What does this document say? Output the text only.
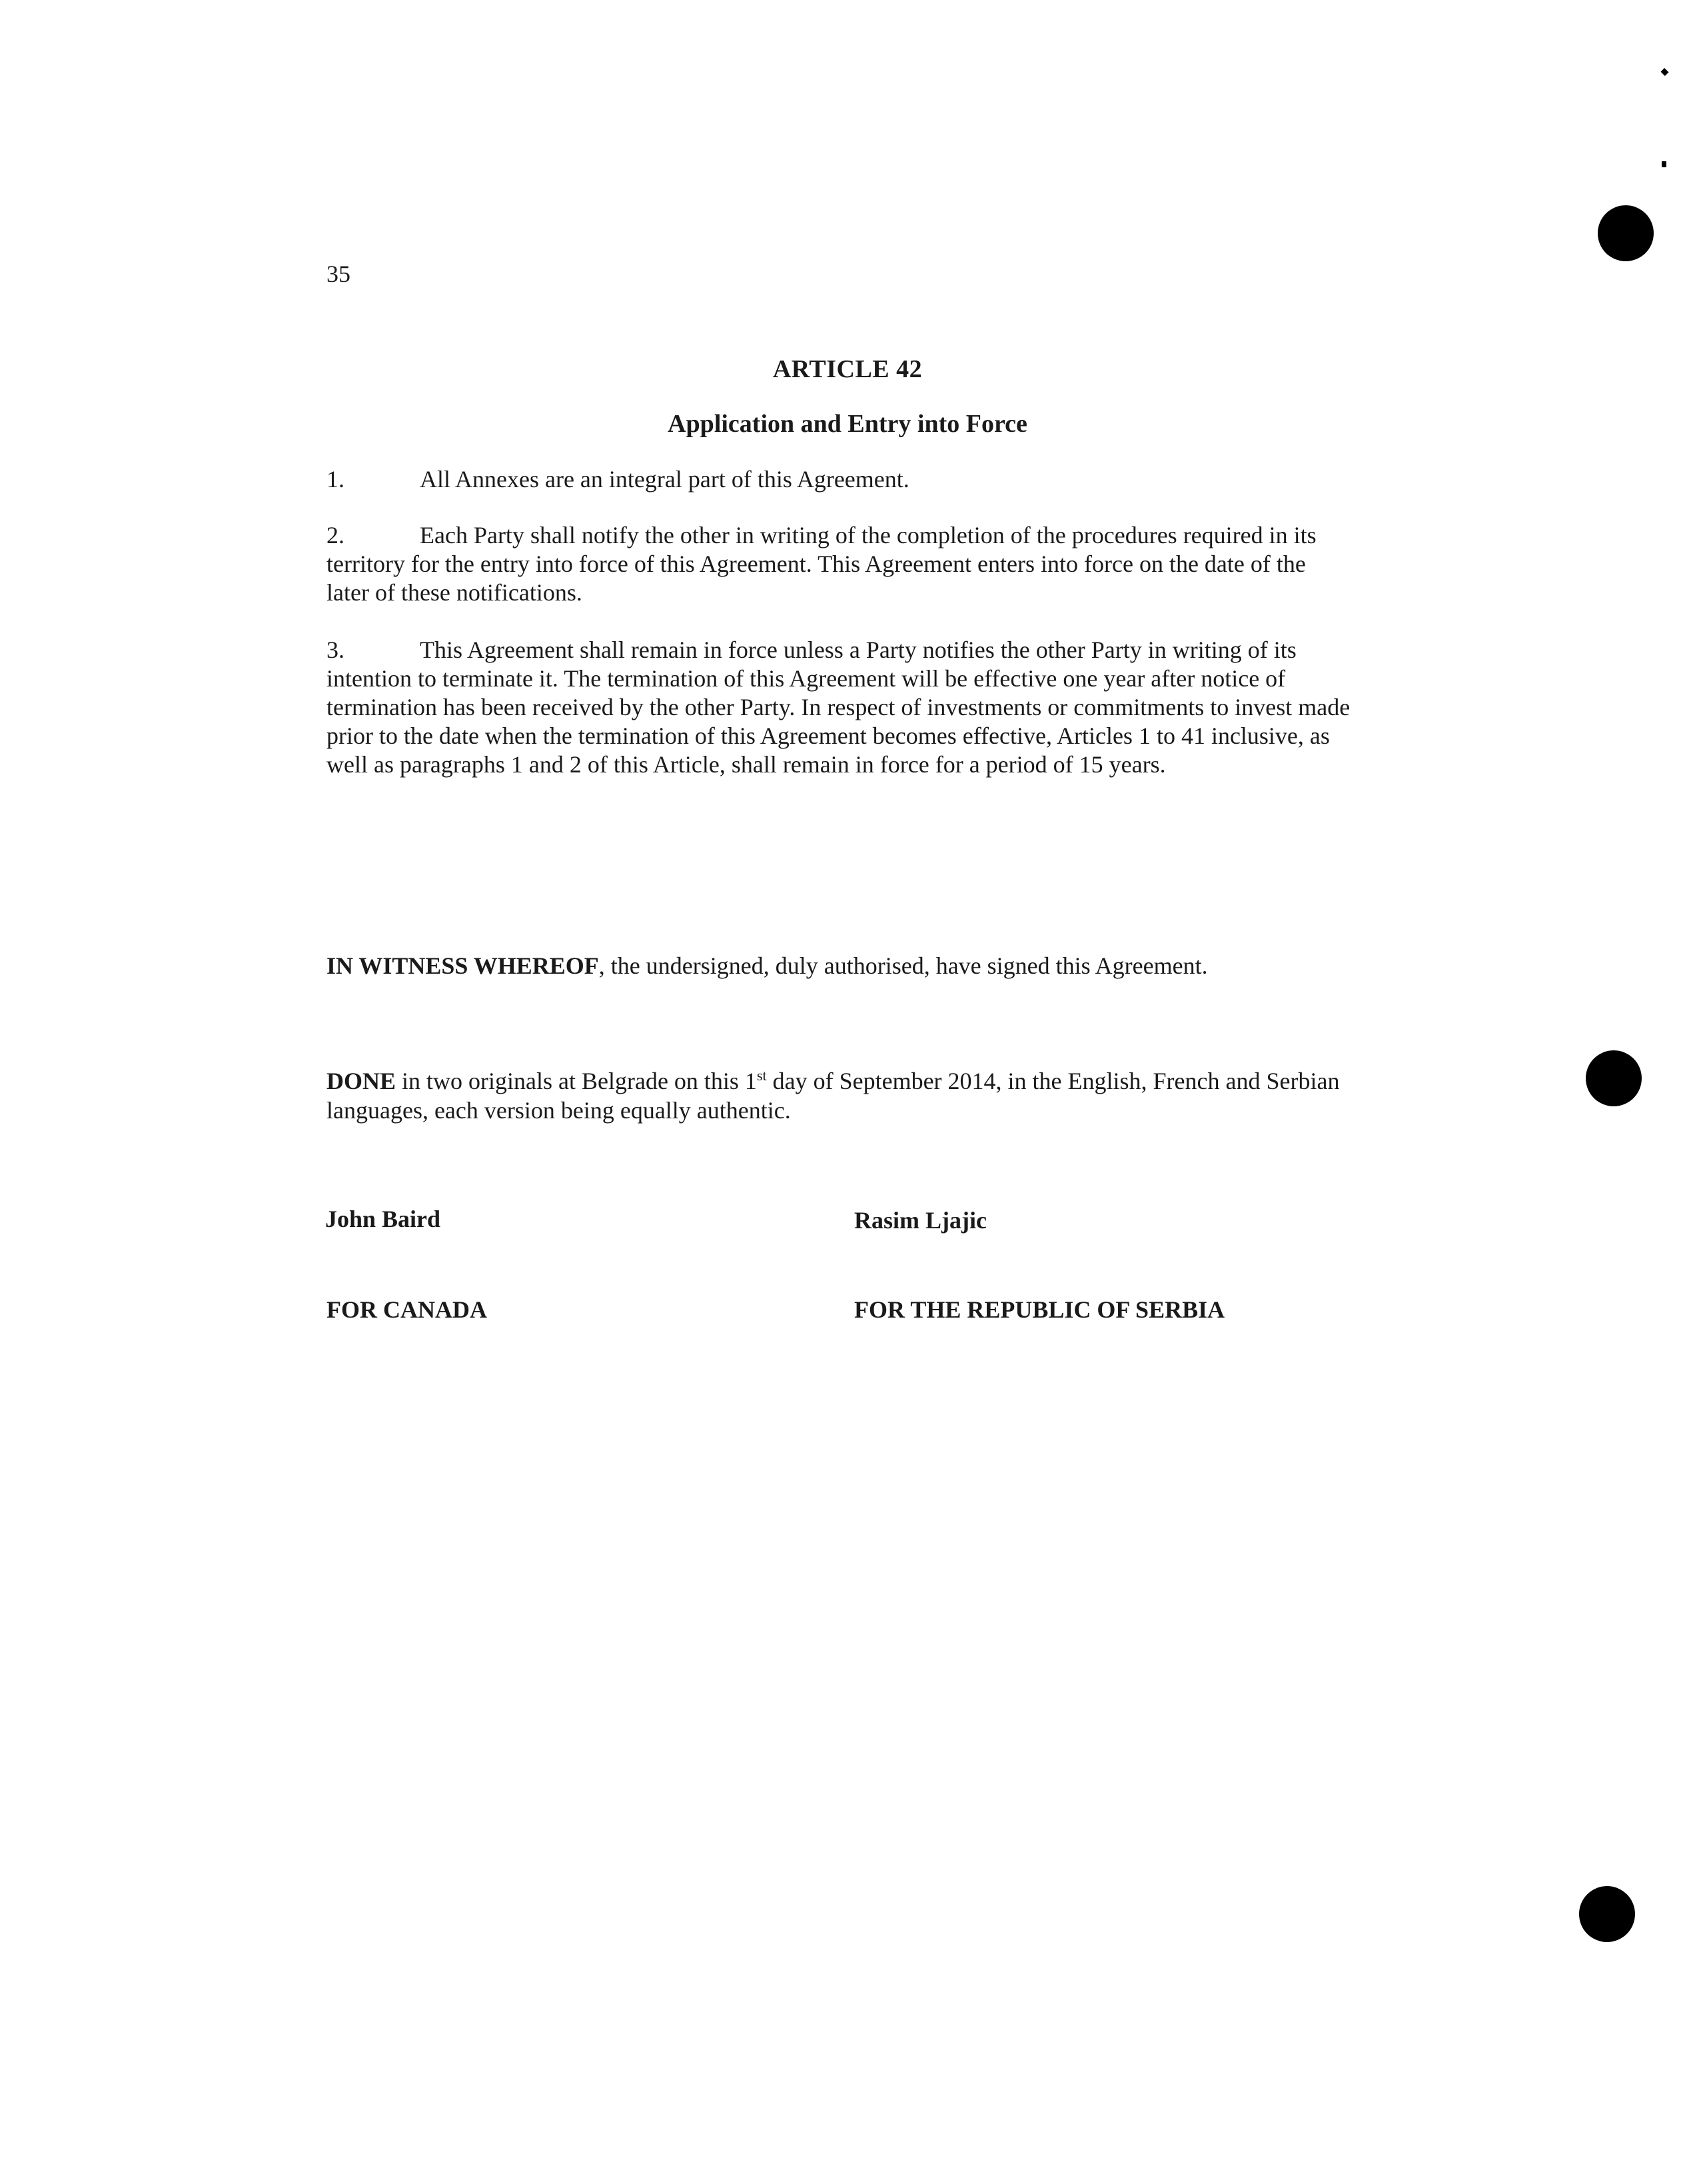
35
ARTICLE 42
Application and Entry into Force
1.	All Annexes are an integral part of this Agreement.
2.	Each Party shall notify the other in writing of the completion of the procedures required in its territory for the entry into force of this Agreement. This Agreement enters into force on the date of the later of these notifications.
3.	This Agreement shall remain in force unless a Party notifies the other Party in writing of its intention to terminate it. The termination of this Agreement will be effective one year after notice of termination has been received by the other Party. In respect of investments or commitments to invest made prior to the date when the termination of this Agreement becomes effective, Articles 1 to 41 inclusive, as well as paragraphs 1 and 2 of this Article, shall remain in force for a period of 15 years.
IN WITNESS WHEREOF, the undersigned, duly authorised, have signed this Agreement.
DONE in two originals at Belgrade on this 1st day of September 2014, in the English, French and Serbian languages, each version being equally authentic.
John Baird	Rasim Ljajic
FOR CANADA	FOR THE REPUBLIC OF SERBIA
